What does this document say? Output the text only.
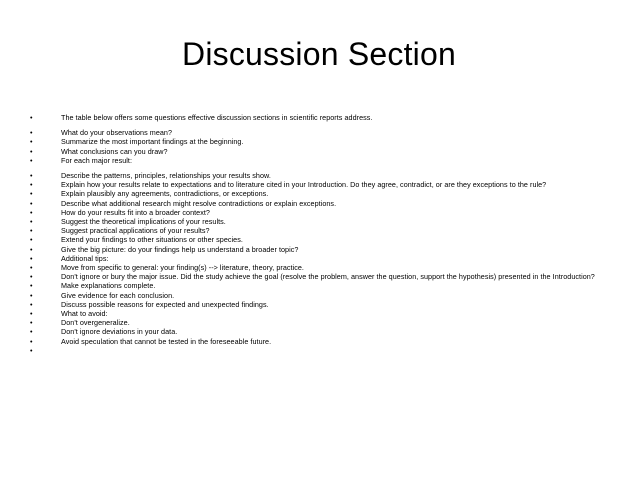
Discussion Section
•	The table below offers some questions effective discussion sections in scientific reports address.
•	What do your observations mean?
•	Summarize the most important findings at the beginning.
•	What conclusions can you draw?
•	For each major result:
•	Describe the patterns, principles, relationships your results show.
•	Explain how your results relate to expectations and to literature cited in your Introduction. Do they agree, contradict, or are they exceptions to the rule?
•	Explain plausibly any agreements, contradictions, or exceptions.
•	Describe what additional research might resolve contradictions or explain exceptions.
•	How do your results fit into a broader context?
•	Suggest the theoretical implications of your results.
•	Suggest practical applications of your results?
•	Extend your findings to other situations or other species.
•	Give the big picture: do your findings help us understand a broader topic?
•	Additional tips:
•	Move from specific to general: your finding(s) --> literature, theory, practice.
•	Don't ignore or bury the major issue. Did the study achieve the goal (resolve the problem, answer the question, support the hypothesis) presented in the Introduction?
•	Make explanations complete.
•	Give evidence for each conclusion.
•	Discuss possible reasons for expected and unexpected findings.
•	What to avoid:
•	Don't overgeneralize.
•	Don't ignore deviations in your data.
•	Avoid speculation that cannot be tested in the foreseeable future.
•
